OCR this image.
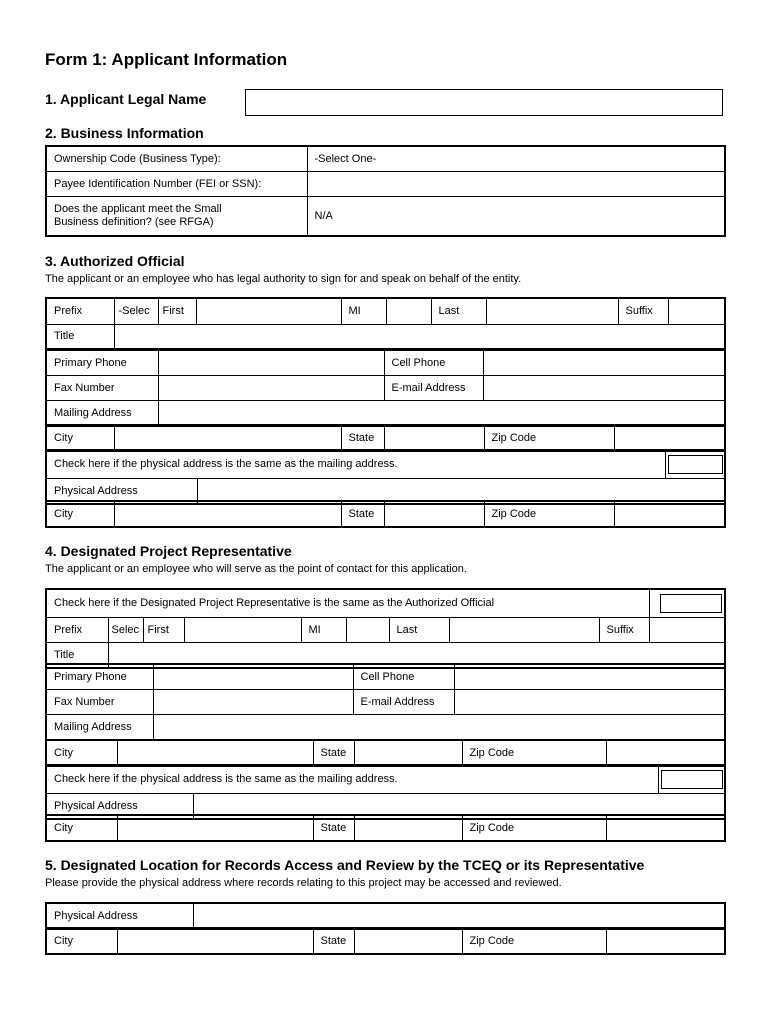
Form 1: Applicant Information
1. Applicant Legal Name
2. Business Information
Ownership Code (Business Type):	-Select One-
Payee Identification Number (FEI or SSN):	
Does the applicant meet the Small
Business definition? (see RFGA)	N/A
3. Authorized Official
The applicant or an employee who has legal authority to sign for and speak on behalf of the entity.
Prefix	-Selec	First		MI		Last		Suffix	
Title									
Primary Phone		Cell Phone	
Fax Number		E-mail Address	
Mailing Address			
City		State		Zip Code	
Check here if the physical address is the same as the mailing address.		

Physical Address		
City		State		Zip Code	
4. Designated Project Representative
The applicant or an employee who will serve as the point of contact for this application.
Check here if the Designated Project Representative is the same as the Authorized Official									

Prefix	Selec	First		MI		Last		Suffix	
Title									
Primary Phone		Cell Phone	
Fax Number		E-mail Address	
Mailing Address			
City		State		Zip Code	
Check here if the physical address is the same as the mailing address.		

Physical Address		
City		State		Zip Code	
5. Designated Location for Records Access and Review by the TCEQ or its Representative
Please provide the physical address where records relating to this project may be accessed and reviewed.
Physical Address	
City		State		Zip Code	
